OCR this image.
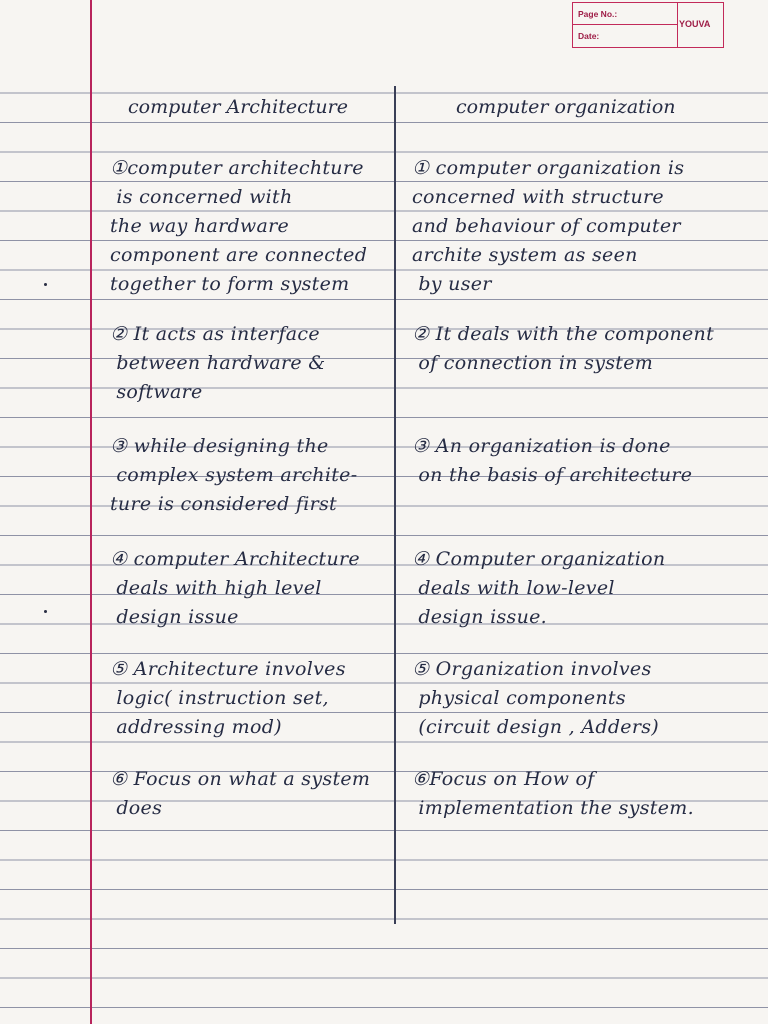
Page No.:
Date:
YOUVA
computer Architecture	computer organization
①computer architechture
is concerned with
the way hardware
component are connected
together to form system
① computer organization is
concerned with structure
and behaviour of computer
archite system as seen
by user
② It acts as interface
between hardware &
software
② It deals with the component
of connection in system
③ while designing the
complex system archite-
ture is considered first
③ An organization is done
on the basis of architecture
④ computer Architecture
deals with high level
design issue
④ Computer organization
deals with low-level
design issue.
⑤ Architecture involves
logic( instruction set,
addressing mod)
⑤ Organization involves
physical components
(circuit design , Adders)
⑥ Focus on what a system
does
⑥Focus on How of
implementation the system.
